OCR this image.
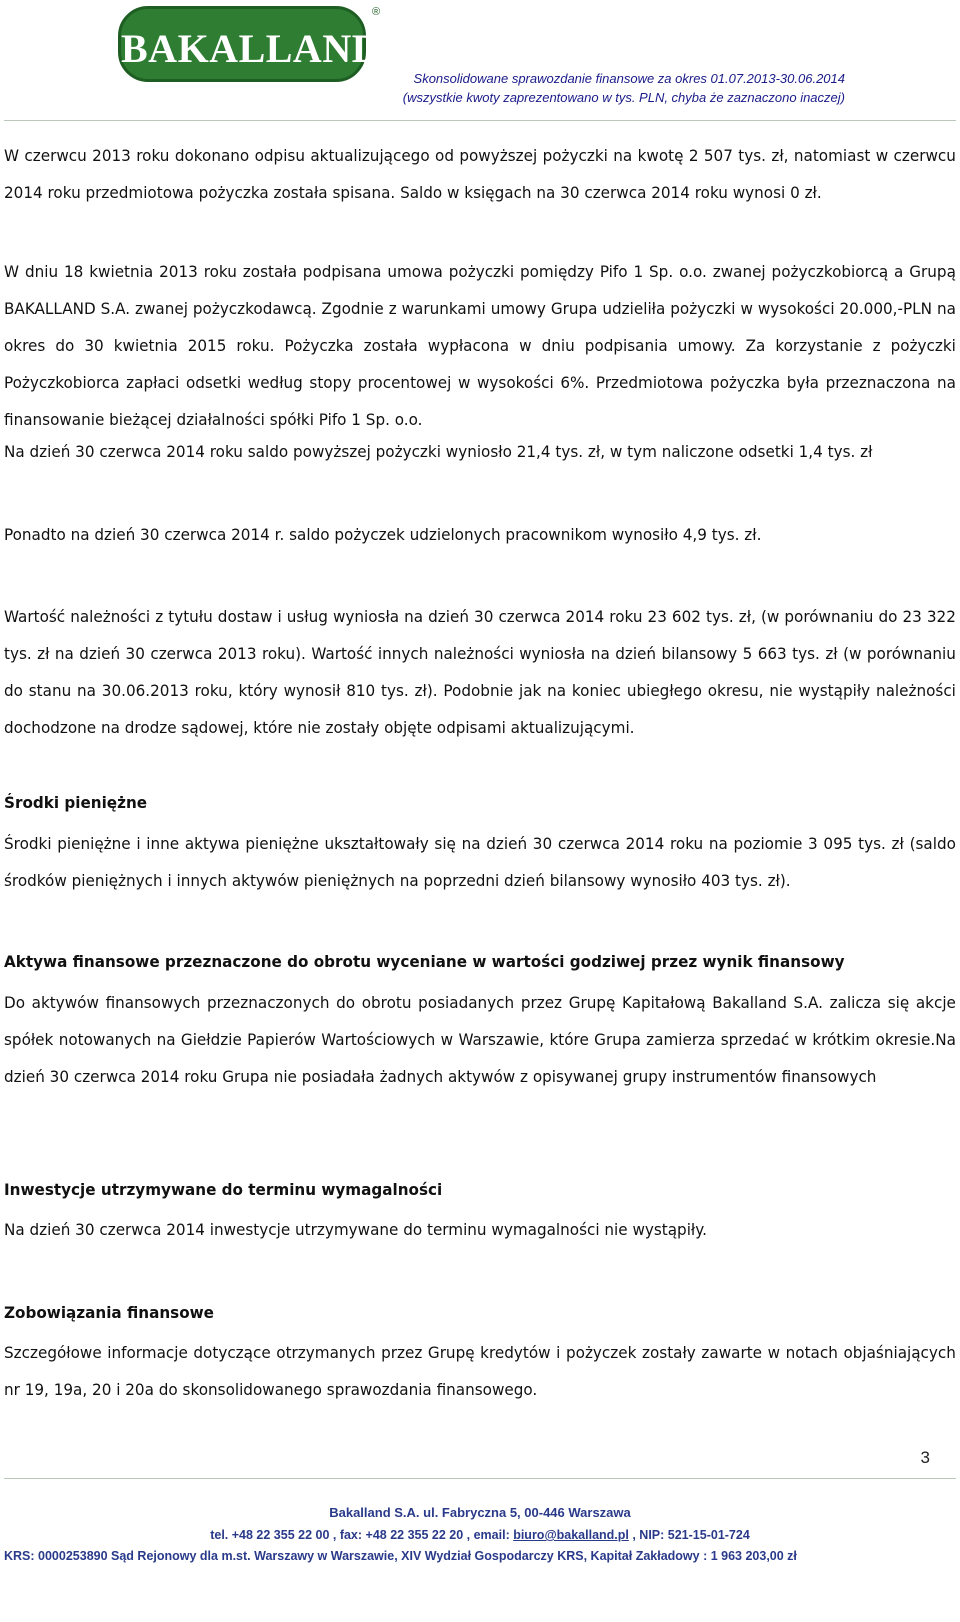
BAKALLAND
®
Skonsolidowane sprawozdanie finansowe za okres 01.07.2013-30.06.2014
(wszystkie kwoty zaprezentowano w tys. PLN, chyba że zaznaczono inaczej)
W czerwcu 2013 roku dokonano odpisu aktualizującego od powyższej pożyczki na kwotę 2 507 tys. zł, natomiast w czerwcu 2014 roku przedmiotowa pożyczka została spisana. Saldo w księgach na 30 czerwca 2014 roku wynosi 0 zł.
W dniu 18 kwietnia 2013 roku została podpisana umowa pożyczki pomiędzy Pifo 1 Sp. o.o. zwanej pożyczkobiorcą a Grupą BAKALLAND S.A. zwanej pożyczkodawcą. Zgodnie z warunkami umowy Grupa udzieliła pożyczki w wysokości 20.000,-PLN na okres do 30 kwietnia 2015 roku. Pożyczka została wypłacona w dniu podpisania umowy. Za korzystanie z pożyczki Pożyczkobiorca zapłaci odsetki według stopy procentowej w wysokości 6%. Przedmiotowa pożyczka była przeznaczona na finansowanie bieżącej działalności spółki Pifo 1 Sp. o.o.
Na dzień 30 czerwca 2014 roku saldo powyższej pożyczki wyniosło 21,4 tys. zł, w tym naliczone odsetki 1,4 tys. zł
Ponadto na dzień 30 czerwca 2014 r. saldo pożyczek udzielonych pracownikom wynosiło 4,9 tys. zł.
Wartość należności z tytułu dostaw i usług wyniosła na dzień 30 czerwca 2014 roku 23 602 tys. zł, (w porównaniu do 23 322 tys. zł na dzień 30 czerwca 2013 roku). Wartość innych należności wyniosła na dzień bilansowy 5 663 tys. zł (w porównaniu do stanu na 30.06.2013 roku, który wynosił 810 tys. zł). Podobnie jak na koniec ubiegłego okresu, nie wystąpiły należności dochodzone na drodze sądowej, które nie zostały objęte odpisami aktualizującymi.
Środki pieniężne
Środki pieniężne i inne aktywa pieniężne ukształtowały się na dzień 30 czerwca 2014 roku na poziomie 3 095 tys. zł (saldo środków pieniężnych i innych aktywów pieniężnych na poprzedni dzień bilansowy wynosiło 403 tys. zł).
Aktywa finansowe przeznaczone do obrotu wyceniane w wartości godziwej przez wynik finansowy
Do aktywów finansowych przeznaczonych do obrotu posiadanych przez Grupę Kapitałową Bakalland S.A. zalicza się akcje spółek notowanych na Giełdzie Papierów Wartościowych w Warszawie, które Grupa zamierza sprzedać w krótkim okresie.Na dzień 30 czerwca 2014 roku Grupa nie posiadała żadnych aktywów z opisywanej grupy instrumentów finansowych
Inwestycje utrzymywane do terminu wymagalności
Na dzień 30 czerwca 2014 inwestycje utrzymywane do terminu wymagalności nie wystąpiły.
Zobowiązania finansowe
Szczegółowe informacje dotyczące otrzymanych przez Grupę kredytów i pożyczek zostały zawarte w notach objaśniających nr 19, 19a, 20 i 20a do skonsolidowanego sprawozdania finansowego.
3
Bakalland S.A. ul. Fabryczna 5, 00-446 Warszawa
tel. +48 22 355 22 00 , fax: +48 22 355 22 20 , email: biuro@bakalland.pl , NIP: 521-15-01-724
KRS: 0000253890 Sąd Rejonowy dla m.st. Warszawy w Warszawie, XIV Wydział Gospodarczy KRS, Kapitał Zakładowy : 1 963 203,00 zł
